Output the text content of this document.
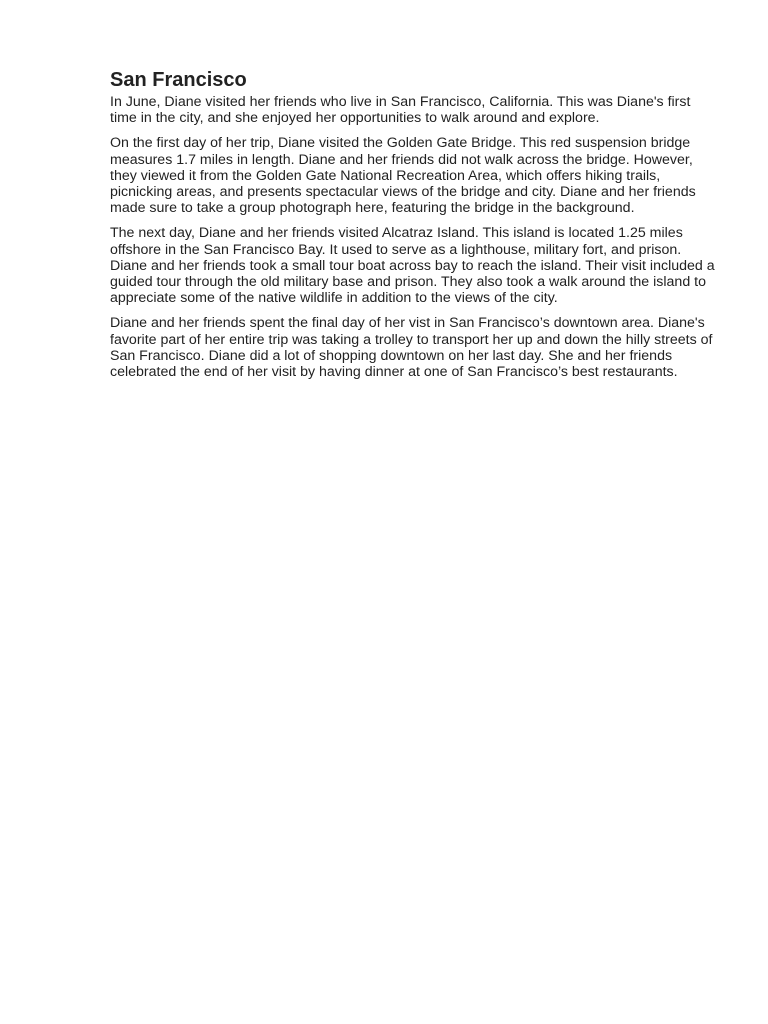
San Francisco

In June, Diane visited her friends who live in San Francisco, California. This was Diane's first time in the city, and she enjoyed her opportunities to walk around and explore.

On the first day of her trip, Diane visited the Golden Gate Bridge. This red suspension bridge measures 1.7 miles in length. Diane and her friends did not walk across the bridge. However, they viewed it from the Golden Gate National Recreation Area, which offers hiking trails, picnicking areas, and presents spectacular views of the bridge and city. Diane and her friends made sure to take a group photograph here, featuring the bridge in the background.

The next day, Diane and her friends visited Alcatraz Island. This island is located 1.25 miles offshore in the San Francisco Bay. It used to serve as a lighthouse, military fort, and prison. Diane and her friends took a small tour boat across bay to reach the island. Their visit included a guided tour through the old military base and prison. They also took a walk around the island to appreciate some of the native wildlife in addition to the views of the city.

Diane and her friends spent the final day of her vist in San Francisco’s downtown area. Diane's favorite part of her entire trip was taking a trolley to transport her up and down the hilly streets of San Francisco. Diane did a lot of shopping downtown on her last day. She and her friends celebrated the end of her visit by having dinner at one of San Francisco’s best restaurants.
